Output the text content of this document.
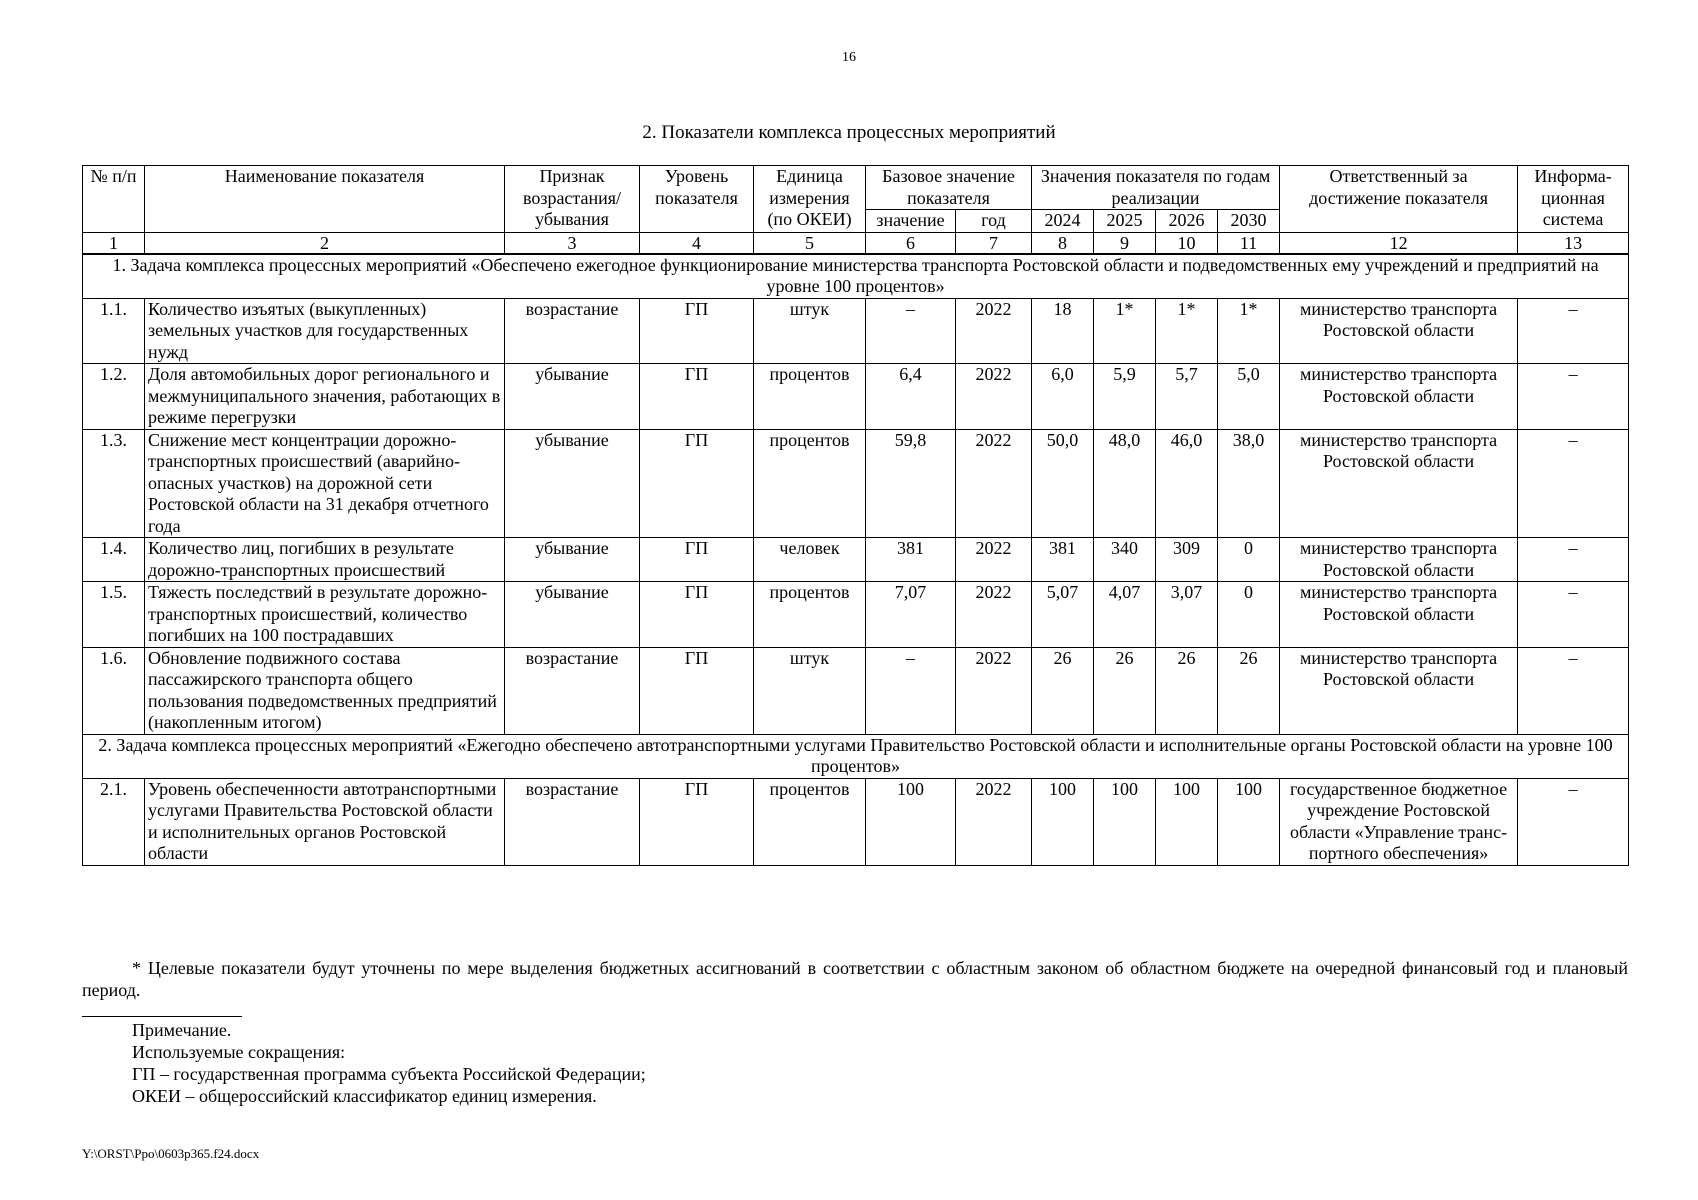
16
2. Показатели комплекса процессных мероприятий
№ п/п	Наименование показателя	Признак возрастания/ убывания	Уровень показателя	Единица измерения (по ОКЕИ)	Базовое значение показателя		Значения показателя по годам реализации				Ответственный за достижение показателя	Информа- ционная система
					значение	год	2024	2025	2026	2030		
1	2	3	4	5	6	7	8	9	10	11	12	13
1. Задача комплекса процессных мероприятий «Обеспечено ежегодное функционирование министерства транспорта Ростовской области и подведомственных ему учреждений и предприятий на уровне 100 процентов»												
1.1.	Количество изъятых (выкупленных) земельных участков для государственных нужд	возрастание	ГП	штук	–	2022	18	1*	1*	1*	министерство транспорта Ростовской области	–
1.2.	Доля автомобильных дорог регионального и межмуниципального значения, работающих в режиме перегрузки	убывание	ГП	процентов	6,4	2022	6,0	5,9	5,7	5,0	министерство транспорта Ростовской области	–
1.3.	Снижение мест концентрации дорожно-транспортных происшествий (аварийно-опасных участков) на дорожной сети Ростовской области на 31 декабря отчетного года	убывание	ГП	процентов	59,8	2022	50,0	48,0	46,0	38,0	министерство транспорта Ростовской области	–
1.4.	Количество лиц, погибших в результате дорожно-транспортных происшествий	убывание	ГП	человек	381	2022	381	340	309	0	министерство транспорта Ростовской области	–
1.5.	Тяжесть последствий в результате дорожно-транспортных происшествий, количество погибших на 100 пострадавших	убывание	ГП	процентов	7,07	2022	5,07	4,07	3,07	0	министерство транспорта Ростовской области	–
1.6.	Обновление подвижного состава пассажирского транспорта общего пользования подведомственных предприятий (накопленным итогом)	возрастание	ГП	штук	–	2022	26	26	26	26	министерство транспорта Ростовской области	–
2. Задача комплекса процессных мероприятий «Ежегодно обеспечено автотранспортными услугами Правительство Ростовской области и исполнительные органы Ростовской области на уровне 100 процентов»												
2.1.	Уровень обеспеченности автотранспортными услугами Правительства Ростовской области и исполнительных органов Ростовской области	возрастание	ГП	процентов	100	2022	100	100	100	100	государственное бюджетное учреждение Ростовской области «Управление транс-портного обеспечения»	–
* Целевые показатели будут уточнены по мере выделения бюджетных ассигнований в соответствии с областным законом об областном бюджете на очередной финансовый год и плановый период.
Примечание.
Используемые сокращения:
ГП – государственная программа субъекта Российской Федерации;
ОКЕИ – общероссийский классификатор единиц измерения.
Y:\ORST\Ppo\0603p365.f24.docx
